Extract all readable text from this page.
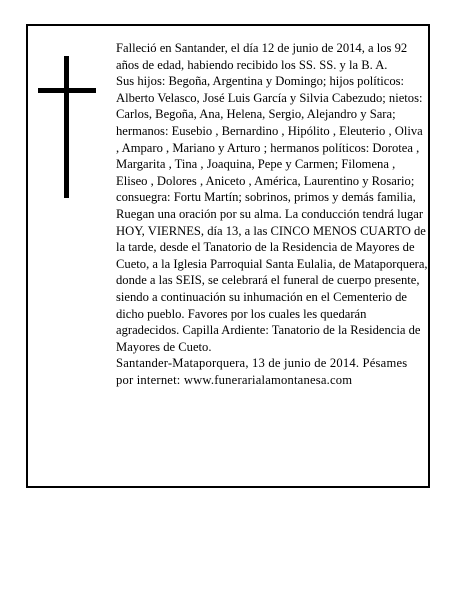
Falleció en Santander, el día 12 de junio de 2014, a los 92 años de edad, habiendo recibido los SS. SS. y la B. A.

Sus hijos: Begoña, Argentina y Domingo; hijos políticos: Alberto Velasco, José Luis García y Silvia Cabezudo; nietos: Carlos, Begoña, Ana, Helena, Sergio, Alejandro y Sara; hermanos: Eusebio , Bernardino , Hipólito , Eleuterio , Oliva , Amparo , Mariano y Arturo ; hermanos políticos: Dorotea , Margarita , Tina , Joaquina, Pepe y Carmen; Filomena , Eliseo , Dolores , Aniceto , América, Laurentino y Rosario; consuegra: Fortu Martín; sobrinos, primos y demás familia,

Ruegan una oración por su alma. La conducción tendrá lugar HOY, VIERNES, día 13, a las CINCO MENOS CUARTO de la tarde, desde el Tanatorio de la Residencia de Mayores de Cueto, a la Iglesia Parroquial Santa Eulalia, de Mataporquera, donde a las SEIS, se celebrará el funeral de cuerpo presente, siendo a continuación su inhumación en el Cementerio de dicho pueblo. Favores por los cuales les quedarán agradecidos. Capilla Ardiente: Tanatorio de la Residencia de Mayores de Cueto.

Santander-Mataporquera, 13 de junio de 2014. Pésames por internet: www.funerarialamontanesa.com
